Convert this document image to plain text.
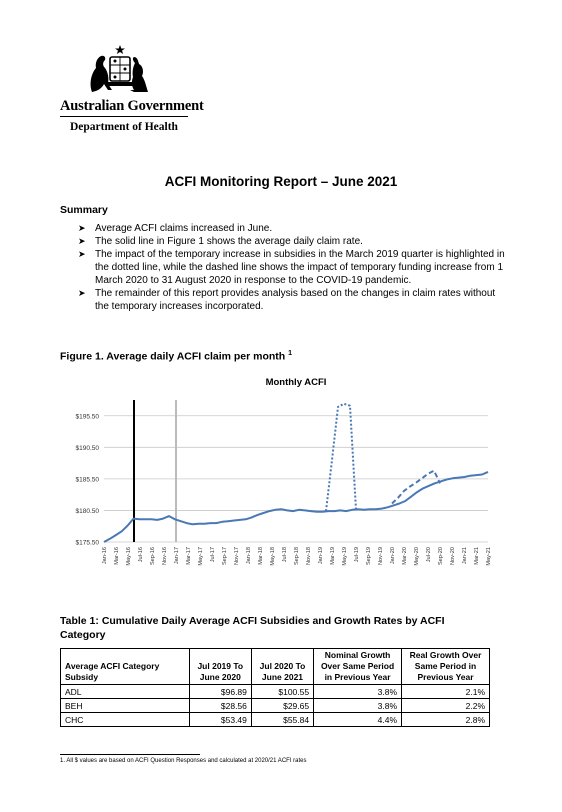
Australian Government
Department of Health
ACFI Monitoring Report – June 2021
Summary
➤ Average ACFI claims increased in June.
➤ The solid line in Figure 1 shows the average daily claim rate.
➤ The impact of the temporary increase in subsidies in the March 2019 quarter is highlighted in the dotted line, while the dashed line shows the impact of temporary funding increase from 1 March 2020 to 31 August 2020 in response to the COVID-19 pandemic.
➤ The remainder of this report provides analysis based on the changes in claim rates without the temporary increases incorporated.
Figure 1. Average daily ACFI claim per month $^1$
Monthly ACFI
$175.50
$180.50
$185.50
$190.50
$195.50
Jan-16 Mar-16 May-16 Jul-16 Sep-16 Nov-16 Jan-17 Mar-17 May-17 Jul-17 Sep-17 Nov-17 Jan-18 Mar-18 May-18 Jul-18 Sep-18 Nov-18 Jan-19 Mar-19 May-19 Jul-19 Sep-19 Nov-19 Jan-20 Mar-20 May-20 Jul-20 Sep-20 Nov-20 Jan-21 Mar-21 May-21
Table 1: Cumulative Daily Average ACFI Subsidies and Growth Rates by ACFI Category
Average ACFI Category Subsidy	Jul 2019 To June 2020	Jul 2020 To June 2021	Nominal Growth Over Same Period in Previous Year	Real Growth Over Same Period in Previous Year
ADL	$96.89	$100.55	3.8%	2.1%
BEH	$28.56	$29.65	3.8%	2.2%
CHC	$53.49	$55.84	4.4%	2.8%
1. All $ values are based on ACFI Question Responses and calculated at 2020/21 ACFI rates
